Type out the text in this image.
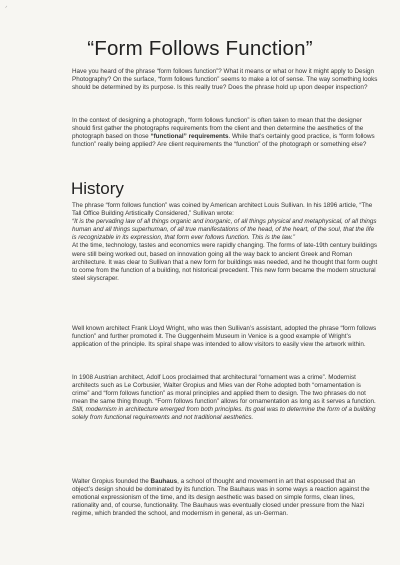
ᐟ
“Form Follows Function”

Have you heard of the phrase “form follows function”? What it means or what or how it might apply to Design Photography? On the surface, “form follows function” seems to make a lot of sense. The way something looks should be determined by its purpose. Is this really true? Does the phrase hold up upon deeper inspection?

In the context of designing a photograph, “form follows function” is often taken to mean that the designer should first gather the photographs requirements from the client and then determine the aesthetics of the photograph based on those “functional” requirements. While that’s certainly good practice, is “form follows function” really being applied? Are client requirements the “function” of the photograph or something else?

History

The phrase “form follows function” was coined by American architect Louis Sullivan. In his 1896 article, “The Tall Office Building Artistically Considered,” Sullivan wrote:

“It is the pervading law of all things organic and inorganic, of all things physical and metaphysical, of all things human and all things superhuman, of all true manifestations of the head, of the heart, of the soul, that the life is recognizable in its expression, that form ever follows function. This is the law.”

At the time, technology, tastes and economics were rapidly changing. The forms of late-19th century buildings were still being worked out, based on innovation going all the way back to ancient Greek and Roman architecture. It was clear to Sullivan that a new form for buildings was needed, and he thought that form ought to come from the function of a building, not historical precedent. This new form became the modern structural steel skyscraper.

Well known architect Frank Lloyd Wright, who was then Sullivan’s assistant, adopted the phrase “form follows function” and further promoted it. The Guggenheim Museum in Venice is a good example of Wright’s application of the principle. Its spiral shape was intended to allow visitors to easily view the artwork within.

In 1908 Austrian architect, Adolf Loos proclaimed that architectural “ornament was a crime”. Modernist architects such as Le Corbusier, Walter Gropius and Mies van der Rohe adopted both “ornamentation is crime” and “form follows function” as moral principles and applied them to design. The two phrases do not mean the same thing though. “Form follows function” allows for ornamentation as long as it serves a function.

Still, modernism in architecture emerged from both principles. Its goal was to determine the form of a building solely from functional requirements and not traditional aesthetics.

Walter Gropius founded the Bauhaus, a school of thought and movement in art that espoused that an object’s design should be dominated by its function. The Bauhaus was in some ways a reaction against the emotional expressionism of the time, and its design aesthetic was based on simple forms, clean lines, rationality and, of course, functionality. The Bauhaus was eventually closed under pressure from the Nazi regime, which branded the school, and modernism in general, as un-German.
